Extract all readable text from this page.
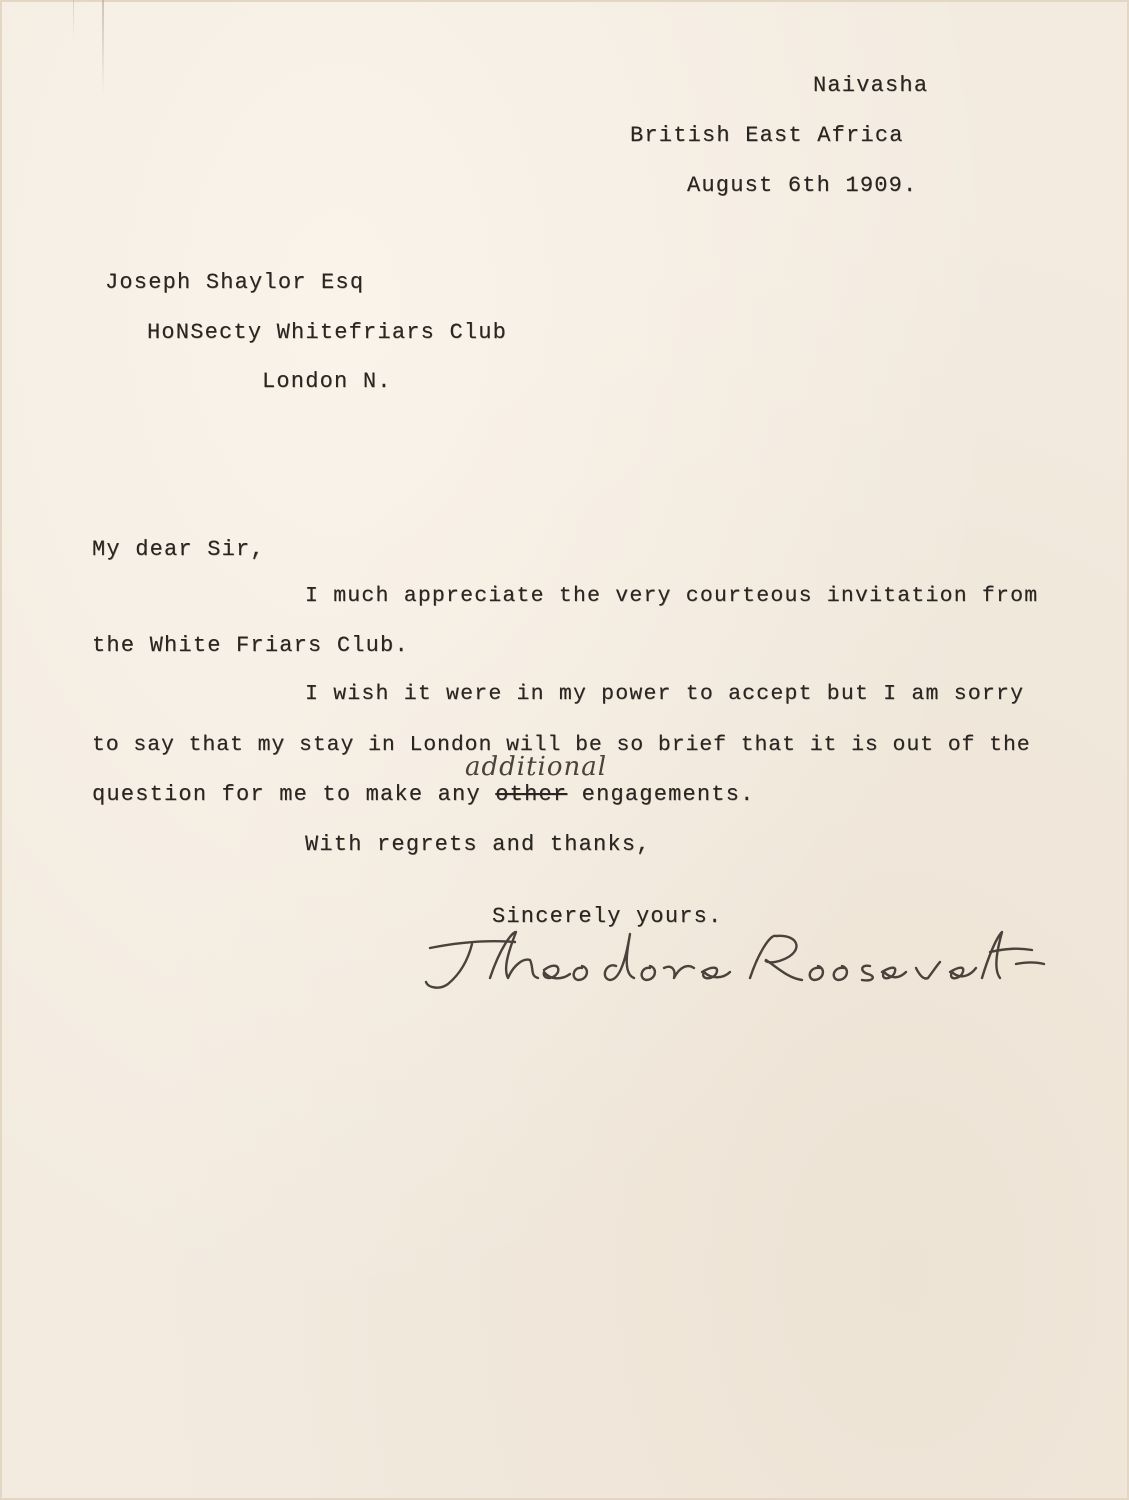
Naivasha
British East Africa
August 6th 1909.
Joseph Shaylor Esq
HoNSecty Whitefriars Club
London N.
My dear Sir,
I much appreciate the very courteous invitation from
the White Friars Club.
I wish it were in my power to accept but I am sorry
to say that my stay in London will be so brief that it is out of the
additional
question for me to make any other engagements.
With regrets and thanks,
Sincerely yours.
